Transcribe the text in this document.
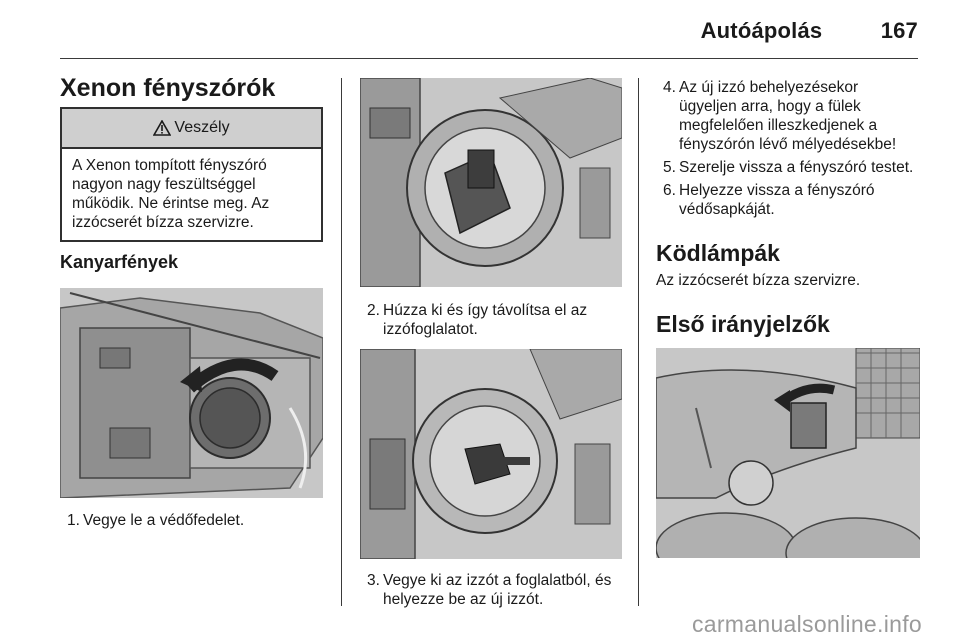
Autóápolás	167
Xenon fényszórók
Veszély
A Xenon tompított fényszóró nagyon nagy feszültséggel működik. Ne érintse meg. Az izzócserét bízza szervizre.
Kanyarfények
1. Vegye le a védőfedelet.
2. Húzza ki és így távolítsa el az izzófoglalatot.
3. Vegye ki az izzót a foglalatból, és helyezze be az új izzót.
4. Az új izzó behelyezésekor ügyeljen arra, hogy a fülek megfelelően illeszkedjenek a fényszórón lévő mélyedésekbe!
5. Szerelje vissza a fényszóró testet.
6. Helyezze vissza a fényszóró védősapkáját.
Ködlámpák

Az izzócserét bízza szervizre.

Első irányjelzők
carmanualsonline.info
